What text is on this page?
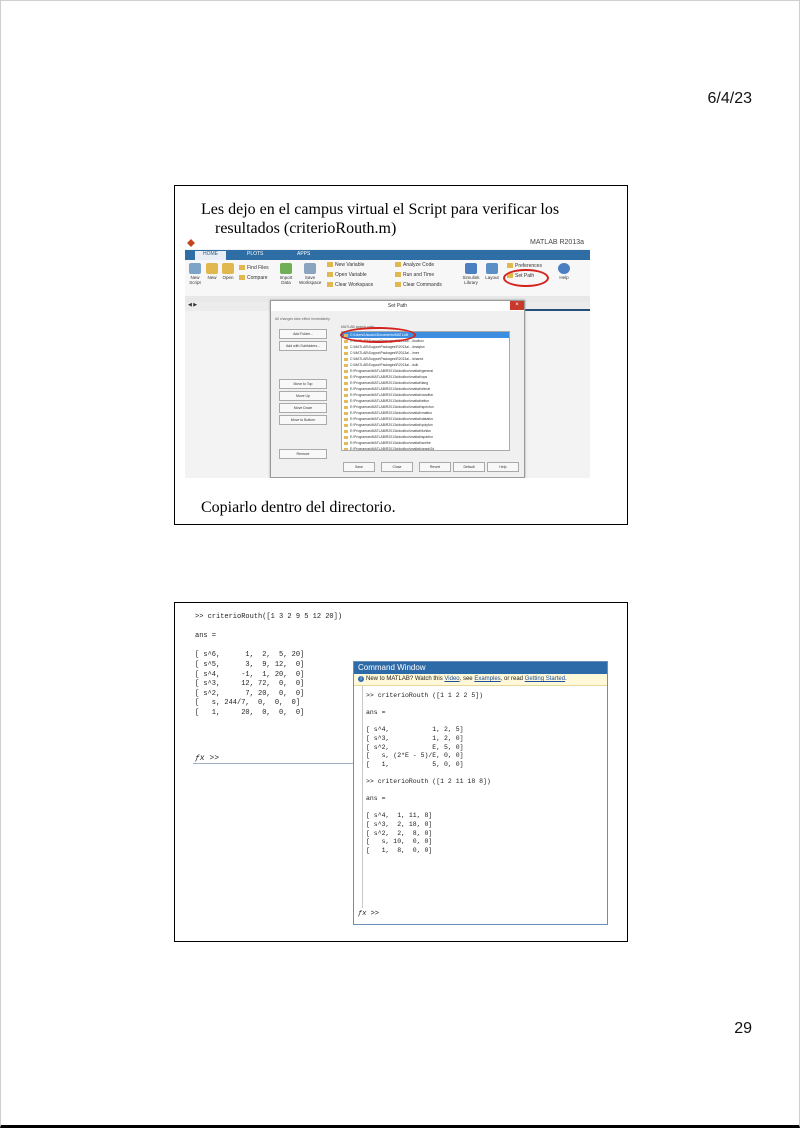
6/4/23
Les dejo en el campus virtual el Script para verificar los
resultados (criterioRouth.m)
MATLAB R2013a
HOME	PLOTS	APPS
New Script
New	Open
Find Files
Compare	Import Data
Save Workspace
New Variable
Open Variable
Clear Workspace
Analyze Code
Run and Time
Clear Commands
Simulink Library
Layout
Preferences
Set Path	Help
◀ ▶	Set Path	×
All changes take effect immediately.
Add Folder...
Add with Subfolders...
Move to Top
Move Up
Move Down
Move to Bottom
Remove
MATLAB search path:
C:\Users\Usuario\Documents\MATLAB
C:\MATLAB\SupportPackages\R2013a\...\toolbox
C:\MATLAB\SupportPackages\R2013a\...\imaqhw
C:\MATLAB\SupportPackages\R2013a\...\mex
C:\MATLAB\SupportPackages\R2013a\...\shared
C:\MATLAB\SupportPackages\R2013a\...\sdk
E:\Programas\MATLAB\R2013a\toolbox\matlab\general
E:\Programas\MATLAB\R2013a\toolbox\matlab\ops
E:\Programas\MATLAB\R2013a\toolbox\matlab\lang
E:\Programas\MATLAB\R2013a\toolbox\matlab\elmat
E:\Programas\MATLAB\R2013a\toolbox\matlab\randfun
E:\Programas\MATLAB\R2013a\toolbox\matlab\elfun
E:\Programas\MATLAB\R2013a\toolbox\matlab\specfun
E:\Programas\MATLAB\R2013a\toolbox\matlab\matfun
E:\Programas\MATLAB\R2013a\toolbox\matlab\datafun
E:\Programas\MATLAB\R2013a\toolbox\matlab\polyfun
E:\Programas\MATLAB\R2013a\toolbox\matlab\funfun
E:\Programas\MATLAB\R2013a\toolbox\matlab\sparfun
E:\Programas\MATLAB\R2013a\toolbox\matlab\scribe
E:\Programas\MATLAB\R2013a\toolbox\matlab\graph2d
Save	Close	Revert	Default	Help
Copiarlo dentro del directorio.
>> criterioRouth([1 3 2 9 5 12 20])

ans =

[ s^6,      1,  2,  5, 20]
[ s^5,      3,  9, 12,  0]
[ s^4,     -1,  1, 20,  0]
[ s^3,     12, 72,  0,  0]
[ s^2,      7, 20,  0,  0]
[   s, 244/7,  0,  0,  0]
[   1,     20,  0,  0,  0]
ƒx >>
Command Window
i New to MATLAB? Watch this Video, see Examples, or read Getting Started.
>> criterioRouth ([1 1 2 2 5])

ans =

[ s^4,           1, 2, 5]
[ s^3,           1, 2, 0]
[ s^2,           E, 5, 0]
[   s, (2*E - 5)/E, 0, 0]
[   1,           5, 0, 0]

>> criterioRouth ([1 2 11 18 8])

ans =

[ s^4,  1, 11, 8]
[ s^3,  2, 18, 0]
[ s^2,  2,  8, 0]
[   s, 10,  0, 0]
[   1,  8,  0, 0]
ƒx >>
29
